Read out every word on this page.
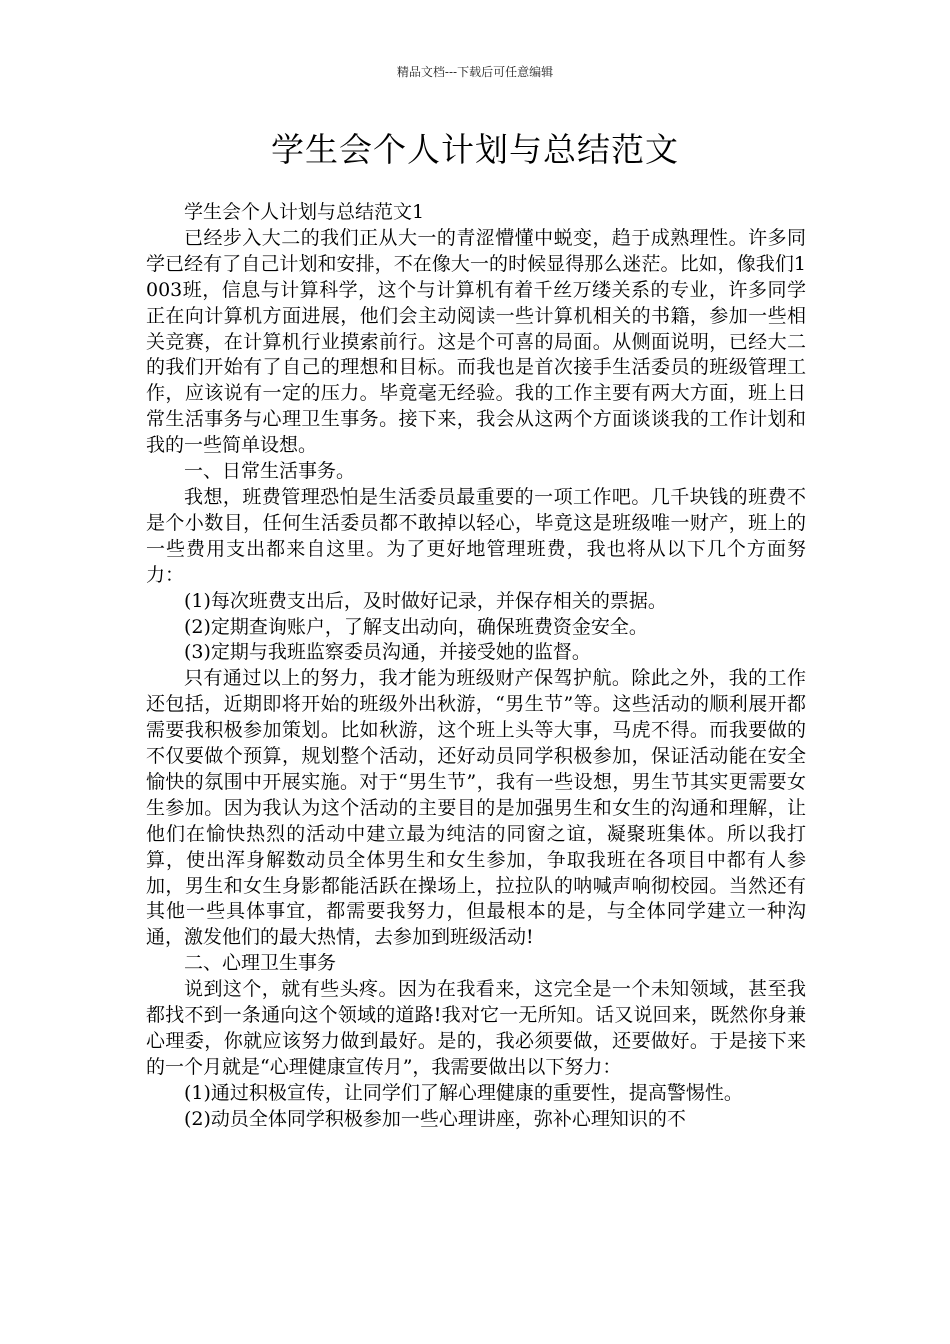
精品文档---下载后可任意编辑
学生会个人计划与总结范文

学生会个人计划与总结范文1

已经步入大二的我们正从大一的青涩懵懂中蜕变，趋于成熟理性。许多同学已经有了自己计划和安排，不在像大一的时候显得那么迷茫。比如，像我们1003班，信息与计算科学，这个与计算机有着千丝万缕关系的专业，许多同学正在向计算机方面进展，他们会主动阅读一些计算机相关的书籍，参加一些相关竞赛，在计算机行业摸索前行。这是个可喜的局面。从侧面说明，已经大二的我们开始有了自己的理想和目标。而我也是首次接手生活委员的班级管理工作，应该说有一定的压力。毕竟毫无经验。我的工作主要有两大方面，班上日常生活事务与心理卫生事务。接下来，我会从这两个方面谈谈我的工作计划和我的一些简单设想。

一、日常生活事务。

我想，班费管理恐怕是生活委员最重要的一项工作吧。几千块钱的班费不是个小数目，任何生活委员都不敢掉以轻心，毕竟这是班级唯一财产，班上的一些费用支出都来自这里。为了更好地管理班费，我也将从以下几个方面努力：

(1)每次班费支出后，及时做好记录，并保存相关的票据。

(2)定期查询账户，了解支出动向，确保班费资金安全。

(3)定期与我班监察委员沟通，并接受她的监督。

只有通过以上的努力，我才能为班级财产保驾护航。除此之外，我的工作还包括，近期即将开始的班级外出秋游，“男生节”等。这些活动的顺利展开都需要我积极参加策划。比如秋游，这个班上头等大事，马虎不得。而我要做的不仅要做个预算，规划整个活动，还好动员同学积极参加，保证活动能在安全愉快的氛围中开展实施。对于“男生节”，我有一些设想，男生节其实更需要女生参加。因为我认为这个活动的主要目的是加强男生和女生的沟通和理解，让他们在愉快热烈的活动中建立最为纯洁的同窗之谊，凝聚班集体。所以我打算，使出浑身解数动员全体男生和女生参加，争取我班在各项目中都有人参加，男生和女生身影都能活跃在操场上，拉拉队的呐喊声响彻校园。当然还有其他一些具体事宜，都需要我努力，但最根本的是，与全体同学建立一种沟通，激发他们的最大热情，去参加到班级活动!

二、心理卫生事务

说到这个，就有些头疼。因为在我看来，这完全是一个未知领域，甚至我都找不到一条通向这个领域的道路!我对它一无所知。话又说回来，既然你身兼心理委，你就应该努力做到最好。是的，我必须要做，还要做好。于是接下来的一个月就是“心理健康宣传月”，我需要做出以下努力：

(1)通过积极宣传，让同学们了解心理健康的重要性，提高警惕性。

(2)动员全体同学积极参加一些心理讲座，弥补心理知识的不
